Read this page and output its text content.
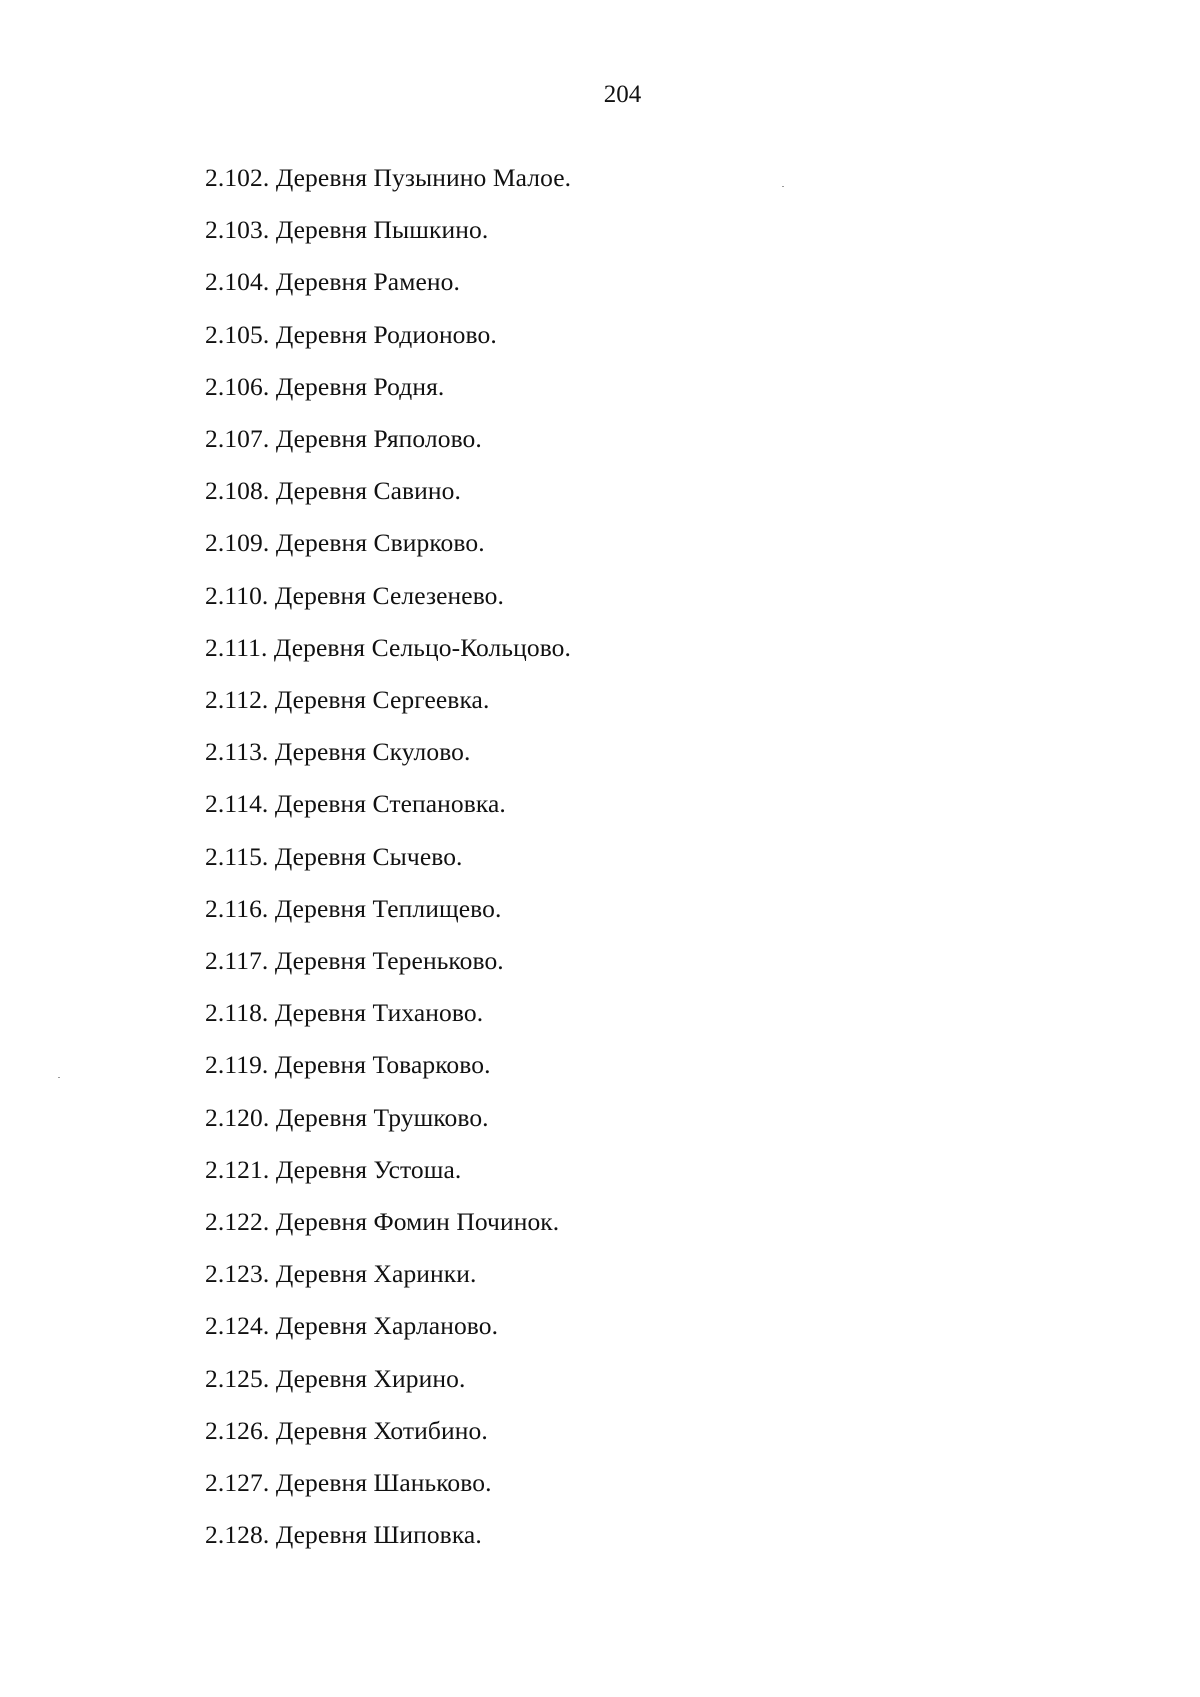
204
2.102. Деревня Пузынино Малое.
2.103. Деревня Пышкино.
2.104. Деревня Рамено.
2.105. Деревня Родионово.
2.106. Деревня Родня.
2.107. Деревня Ряполово.
2.108. Деревня Савино.
2.109. Деревня Свирково.
2.110. Деревня Селезенево.
2.111. Деревня Сельцо-Кольцово.
2.112. Деревня Сергеевка.
2.113. Деревня Скулово.
2.114. Деревня Степановка.
2.115. Деревня Сычево.
2.116. Деревня Теплищево.
2.117. Деревня Тереньково.
2.118. Деревня Тиханово.
2.119. Деревня Товарково.
2.120. Деревня Трушково.
2.121. Деревня Устоша.
2.122. Деревня Фомин Починок.
2.123. Деревня Харинки.
2.124. Деревня Харланово.
2.125. Деревня Хирино.
2.126. Деревня Хотибино.
2.127. Деревня Шаньково.
2.128. Деревня Шиповка.
